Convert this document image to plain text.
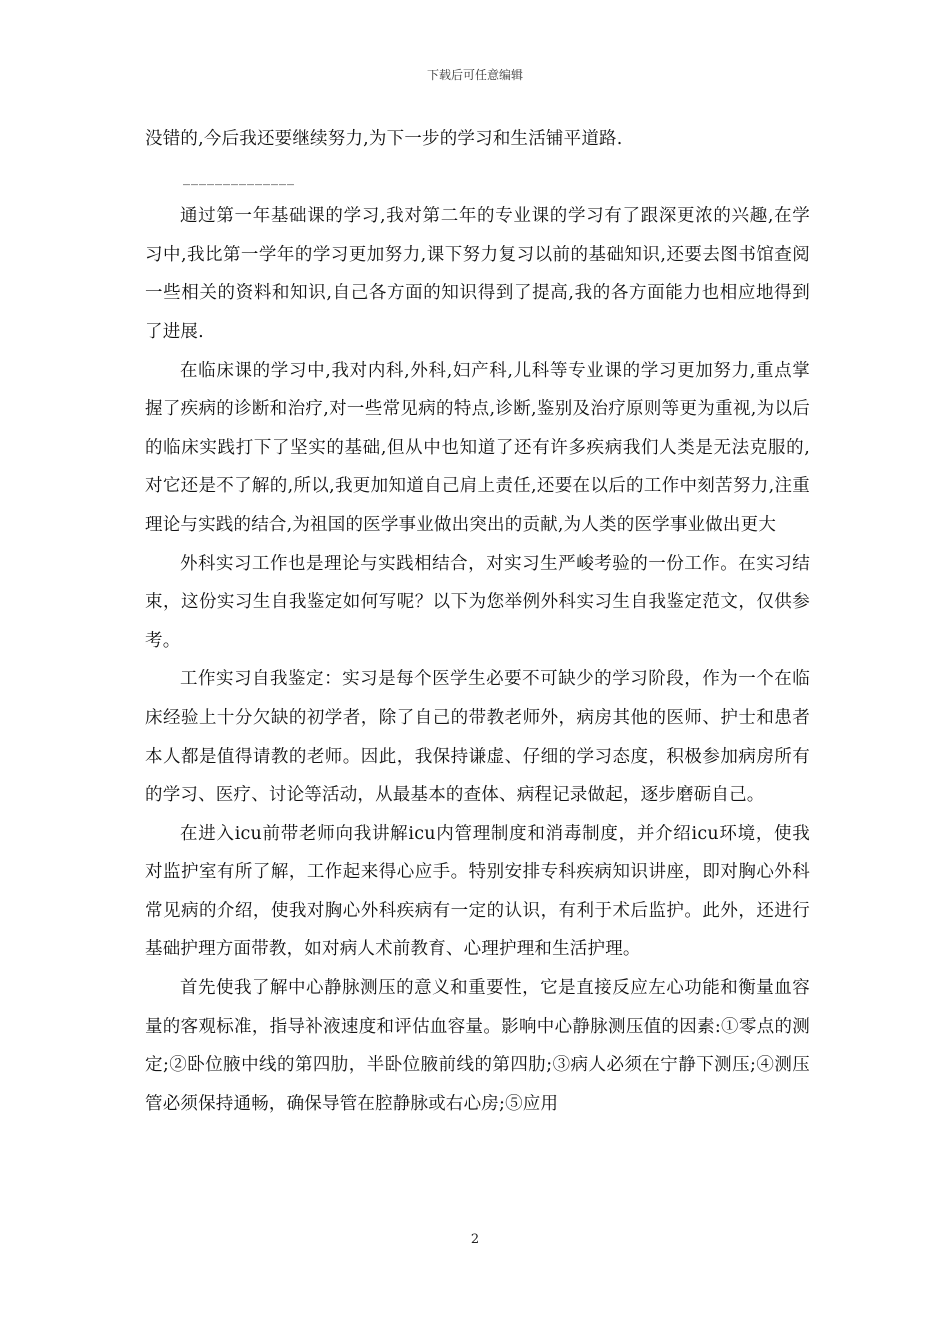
下载后可任意编辑

没错的,今后我还要继续努力,为下一步的学习和生活铺平道路.

______________

通过第一年基础课的学习,我对第二年的专业课的学习有了跟深更浓的兴趣,在学习中,我比第一学年的学习更加努力,课下努力复习以前的基础知识,还要去图书馆查阅一些相关的资料和知识,自己各方面的知识得到了提高,我的各方面能力也相应地得到了进展.

在临床课的学习中,我对内科,外科,妇产科,儿科等专业课的学习更加努力,重点掌握了疾病的诊断和治疗,对一些常见病的特点,诊断,鉴别及治疗原则等更为重视,为以后的临床实践打下了坚实的基础,但从中也知道了还有许多疾病我们人类是无法克服的,对它还是不了解的,所以,我更加知道自己肩上责任,还要在以后的工作中刻苦努力,注重理论与实践的结合,为祖国的医学事业做出突出的贡献,为人类的医学事业做出更大

外科实习工作也是理论与实践相结合，对实习生严峻考验的一份工作。在实习结束，这份实习生自我鉴定如何写呢？以下为您举例外科实习生自我鉴定范文，仅供参考。

工作实习自我鉴定：实习是每个医学生必要不可缺少的学习阶段，作为一个在临床经验上十分欠缺的初学者，除了自己的带教老师外，病房其他的医师、护士和患者本人都是值得请教的老师。因此，我保持谦虚、仔细的学习态度，积极参加病房所有的学习、医疗、讨论等活动，从最基本的查体、病程记录做起，逐步磨砺自己。

在进入icu前带老师向我讲解icu内管理制度和消毒制度，并介绍icu环境，使我对监护室有所了解，工作起来得心应手。特别安排专科疾病知识讲座，即对胸心外科常见病的介绍，使我对胸心外科疾病有一定的认识，有利于术后监护。此外，还进行基础护理方面带教，如对病人术前教育、心理护理和生活护理。

首先使我了解中心静脉测压的意义和重要性，它是直接反应左心功能和衡量血容量的客观标准，指导补液速度和评估血容量。影响中心静脉测压值的因素:①零点的测定;②卧位腋中线的第四肋，半卧位腋前线的第四肋;③病人必须在宁静下测压;④测压管必须保持通畅，确保导管在腔静脉或右心房;⑤应用

2
